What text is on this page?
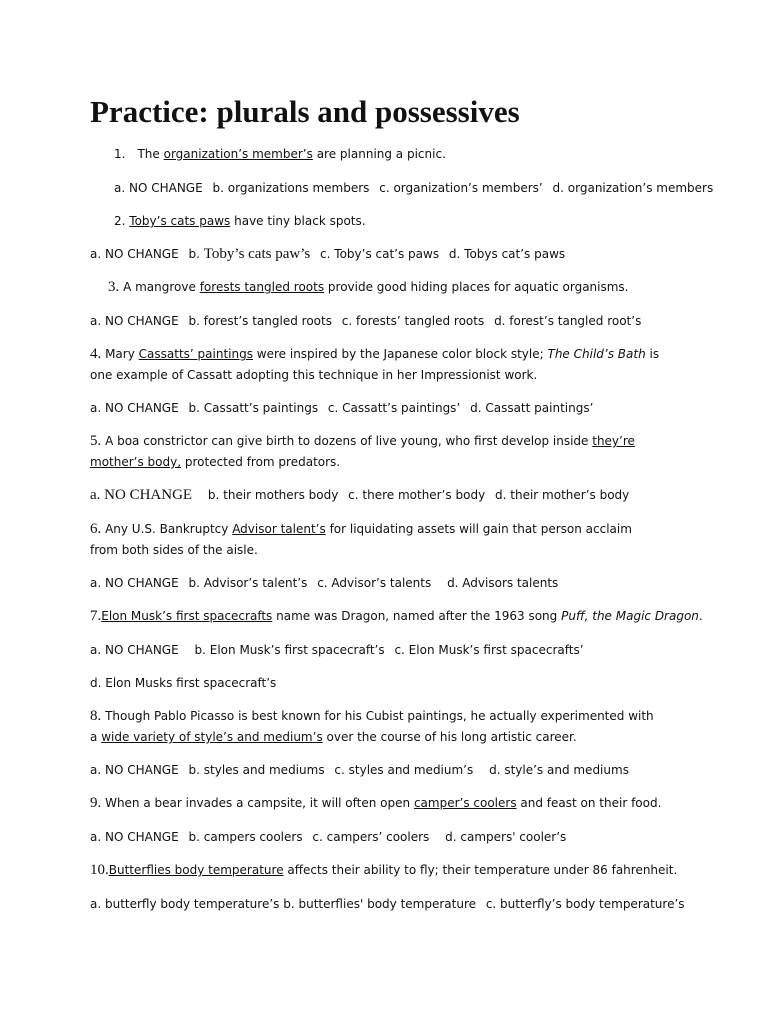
Practice: plurals and possessives
1. The organization’s member’s are planning a picnic.
a. NO CHANGE b. organizations members c. organization’s members’ d. organization’s members
2. Toby’s cats paws have tiny black spots.
a. NO CHANGE b. Toby’s cats paw’s c. Toby’s cat’s paws d. Tobys cat’s paws
3. A mangrove forests tangled roots provide good hiding places for aquatic organisms.
a. NO CHANGE b. forest’s tangled roots c. forests’ tangled roots d. forest’s tangled root’s
4. Mary Cassatts’ paintings were inspired by the Japanese color block style; The Child’s Bath is one example of Cassatt adopting this technique in her Impressionist work.
a. NO CHANGE b. Cassatt’s paintings c. Cassatt’s paintings’ d. Cassatt paintings’
5. A boa constrictor can give birth to dozens of live young, who first develop inside they’re mother’s body, protected from predators.
a. NO CHANGE b. their mothers body c. there mother’s body d. their mother’s body
6. Any U.S. Bankruptcy Advisor talent’s for liquidating assets will gain that person acclaim from both sides of the aisle.
a. NO CHANGE b. Advisor’s talent’s c. Advisor’s talents d. Advisors talents
7.Elon Musk’s first spacecrafts name was Dragon, named after the 1963 song Puff, the Magic Dragon.
a. NO CHANGE b. Elon Musk’s first spacecraft’s c. Elon Musk’s first spacecrafts’
d. Elon Musks first spacecraft’s
8. Though Pablo Picasso is best known for his Cubist paintings, he actually experimented with a wide variety of style’s and medium’s over the course of his long artistic career.
a. NO CHANGE b. styles and mediums c. styles and medium’s d. style’s and mediums
9. When a bear invades a campsite, it will often open camper’s coolers and feast on their food.
a. NO CHANGE b. campers coolers c. campers’ coolers d. campers' cooler’s
10.Butterflies body temperature affects their ability to fly; their temperature under 86 fahrenheit.
a. butterfly body temperature’s b. butterflies' body temperature c. butterfly’s body temperature’s
